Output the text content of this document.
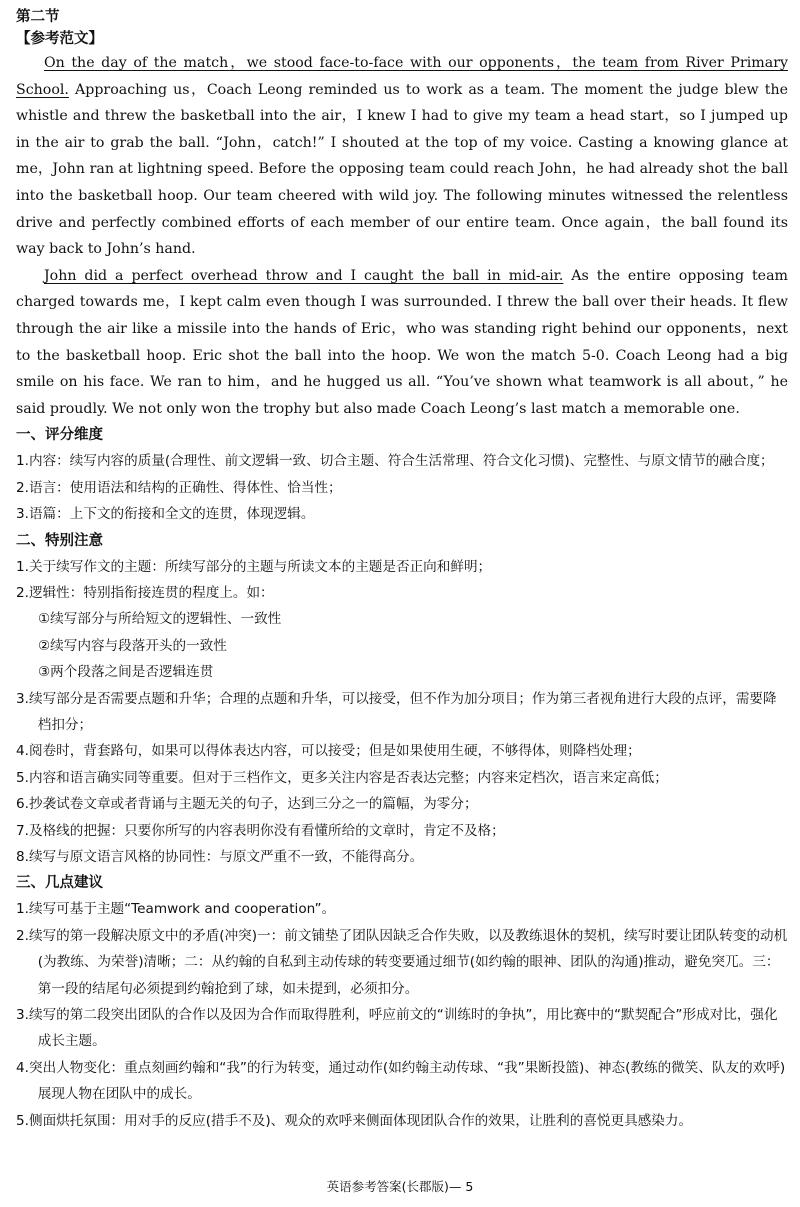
第二节
【参考范文】

On the day of the match，we stood face-to-face with our opponents，the team from River Primary School. Approaching us，Coach Leong reminded us to work as a team. The moment the judge blew the whistle and threw the basketball into the air，I knew I had to give my team a head start，so I jumped up in the air to grab the ball. “John，catch!” I shouted at the top of my voice. Casting a knowing glance at me，John ran at lightning speed. Before the opposing team could reach John，he had already shot the ball into the basketball hoop. Our team cheered with wild joy. The following minutes witnessed the relentless drive and perfectly combined efforts of each member of our entire team. Once again，the ball found its way back to John’s hand.

John did a perfect overhead throw and I caught the ball in mid-air. As the entire opposing team charged towards me，I kept calm even though I was surrounded. I threw the ball over their heads. It flew through the air like a missile into the hands of Eric，who was standing right behind our opponents，next to the basketball hoop. Eric shot the ball into the hoop. We won the match 5-0. Coach Leong had a big smile on his face. We ran to him，and he hugged us all. “You’ve shown what teamwork is all about，” he said proudly. We not only won the trophy but also made Coach Leong’s last match a memorable one.

一、评分维度

1.内容：续写内容的质量(合理性、前文逻辑一致、切合主题、符合生活常理、符合文化习惯)、完整性、与原文情节的融合度；

2.语言：使用语法和结构的正确性、得体性、恰当性；

3.语篇：上下文的衔接和全文的连贯，体现逻辑。

二、特别注意

1.关于续写作文的主题：所续写部分的主题与所读文本的主题是否正向和鲜明；

2.逻辑性：特别指衔接连贯的程度上。如：

①续写部分与所给短文的逻辑性、一致性

②续写内容与段落开头的一致性

③两个段落之间是否逻辑连贯

3.续写部分是否需要点题和升华；合理的点题和升华，可以接受，但不作为加分项目；作为第三者视角进行大段的点评，需要降档扣分；

4.阅卷时，背套路句，如果可以得体表达内容，可以接受；但是如果使用生硬，不够得体，则降档处理；

5.内容和语言确实同等重要。但对于三档作文，更多关注内容是否表达完整；内容来定档次，语言来定高低；

6.抄袭试卷文章或者背诵与主题无关的句子，达到三分之一的篇幅，为零分；

7.及格线的把握：只要你所写的内容表明你没有看懂所给的文章时，肯定不及格；

8.续写与原文语言风格的协同性：与原文严重不一致，不能得高分。

三、几点建议

1.续写可基于主题“Teamwork and cooperation”。

2.续写的第一段解决原文中的矛盾(冲突)一：前文铺垫了团队因缺乏合作失败，以及教练退休的契机，续写时要让团队转变的动机(为教练、为荣誉)清晰；二：从约翰的自私到主动传球的转变要通过细节(如约翰的眼神、团队的沟通)推动，避免突兀。三：第一段的结尾句必须提到约翰抢到了球，如未提到，必须扣分。

3.续写的第二段突出团队的合作以及因为合作而取得胜利，呼应前文的“训练时的争执”，用比赛中的“默契配合”形成对比，强化成长主题。

4.突出人物变化：重点刻画约翰和“我”的行为转变，通过动作(如约翰主动传球、“我”果断投篮)、神态(教练的微笑、队友的欢呼)展现人物在团队中的成长。

5.侧面烘托氛围：用对手的反应(措手不及)、观众的欢呼来侧面体现团队合作的效果，让胜利的喜悦更具感染力。

英语参考答案(长郡版)— 5
